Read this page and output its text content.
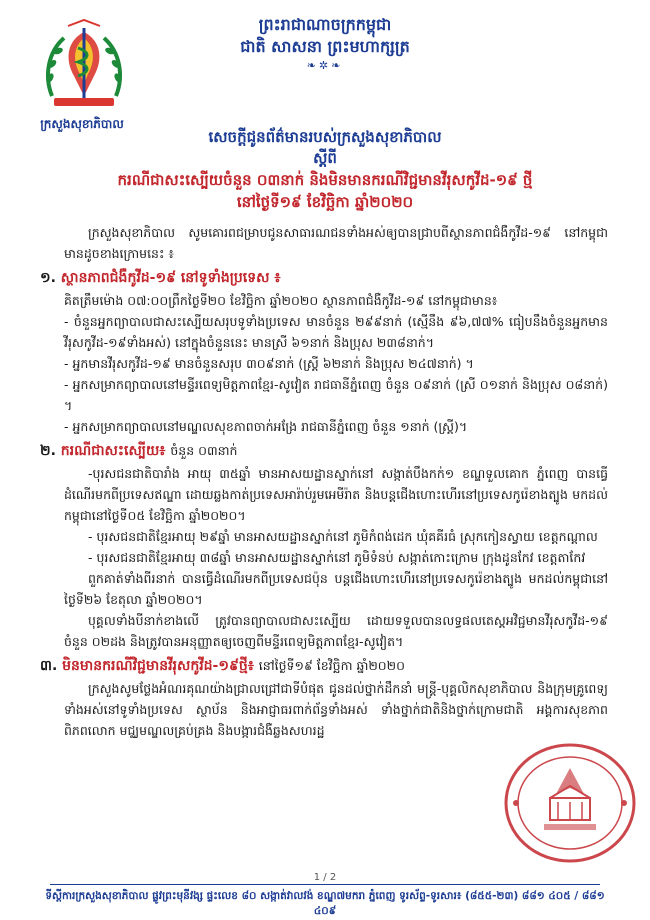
ក្រសួងសុខាភិបាល
ព្រះរាជាណាចក្រកម្ពុជា
ជាតិ សាសនា ព្រះមហាក្សត្រ
❧✲❧
សេចក្តីជូនព័ត៌មានរបស់ក្រសួងសុខាភិបាល
ស្តីពី
ករណីជាសះស្បើយចំនួន ០៣នាក់ និងមិនមានករណីវិជ្ជមានវីរុសកូវីដ-១៩ ថ្មី
នៅថ្ងៃទី១៩ ខែវិច្ឆិកា ឆ្នាំ២០២០

ក្រសួងសុខាភិបាល សូមគោរពជម្រាបជូនសាធារណជនទាំងអស់ឲ្យបានជ្រាបពីស្ថានភាពជំងឺកូវីដ-១៩ នៅកម្ពុជា មានដូចខាងក្រោមនេះ ៖

១. ស្ថានភាពជំងឺកូវីដ-១៩ នៅទូទាំងប្រទេស ៖

គិតត្រឹមម៉ោង ០៧:០០ព្រឹកថ្ងៃទី២០ ខែវិច្ឆិកា ឆ្នាំ២០២០ ស្ថានភាពជំងឺកូវីដ-១៩ នៅកម្ពុជាមាន៖

- ចំនួនអ្នកព្យាបាលជាសះស្បើយសរុបទូទាំងប្រទេស មានចំនួន ២៩៩នាក់ (ស្មើនឹង ៩៦,៧៧% ធៀបនឹងចំនួនអ្នកមានវីរុសកូវីដ-១៩ទាំងអស់) នៅក្នុងចំនួននេះ មានស្រី ៦១នាក់ និងប្រុស ២៣៨នាក់។

- អ្នកមានវីរុសកូវីដ-១៩ មានចំនួនសរុប ៣០៩នាក់ (ស្ត្រី ៦២នាក់ និងប្រុស ២៤៧នាក់) ។

- អ្នកសម្រាកព្យាបាលនៅមន្ទីរពេទ្យមិត្តភាពខ្មែរ-សូវៀត រាជធានីភ្នំពេញ ចំនួន ០៩នាក់ (ស្រី ០១នាក់ និងប្រុស ០៨នាក់) ។

- អ្នកសម្រាកព្យាបាលនៅមណ្ឌលសុខភាពចាក់អង្រែ រាជធានីភ្នំពេញ ចំនួន ១នាក់ (ស្ត្រី)។

២. ករណីជាសះស្បើយ៖ ចំនួន ០៣នាក់

-បុរសជនជាតិបារាំង អាយុ ៣៥ឆ្នាំ មានអាសយដ្ឋានស្នាក់នៅ សង្កាត់បឹងកក់១ ខណ្ឌទួលគោក ភ្នំពេញ បានធ្វើដំណើរមកពីប្រទេសឥណ្ឌា ដោយឆ្លងកាត់ប្រទេសអារ៉ាប់រួមអេមីរ៉ាត និងបន្តជើងហោះហើរនៅប្រទេសកូរ៉េខាងត្បូង មកដល់កម្ពុជានៅថ្ងៃទី០៥ ខែវិច្ឆិកា ឆ្នាំ២០២០។

- បុរសជនជាតិខ្មែរអាយុ ២៩ឆ្នាំ មានអាសយដ្ឋានស្នាក់នៅ ភូមិកំពង់ដេក ឃុំគគីរធំ ស្រុកកៀនស្វាយ ខេត្តកណ្តាល

- បុរសជនជាតិខ្មែរអាយុ ៣៨ឆ្នាំ មានអាសយដ្ឋានស្នាក់នៅ ភូមិទំនប់ សង្កាត់កោះក្រោម ក្រុងដូនកែវ ខេត្តតាកែវ

ពួកគាត់ទាំងពីរនាក់ បានធ្វើដំណើរមកពីប្រទេសជប៉ុន បន្តជើងហោះហើរនៅប្រទេសកូរ៉េខាងត្បូង មកដល់កម្ពុជានៅថ្ងៃទី២៦ ខែតុលា ឆ្នាំ២០២០។

បុគ្គលទាំងបីនាក់ខាងលើ ត្រូវបានព្យាបាលជាសះស្បើយ ដោយទទួលបានលទ្ធផលតេស្តអវិជ្ជមានវីរុសកូវីដ-១៩ ចំនួន ០២ដង និងត្រូវបានអនុញ្ញាតឲ្យចេញពីមន្ទីរពេទ្យមិត្តភាពខ្មែរ-សូវៀត។

៣. មិនមានករណីវិជ្ជមានវីរុសកូវីដ-១៩ថ្មី៖ នៅថ្ងៃទី១៩ ខែវិច្ឆិកា ឆ្នាំ២០២០

ក្រសួងសូមថ្លែងអំណរគុណយ៉ាងជ្រាលជ្រៅជាទីបំផុត ជូនដល់ថ្នាក់ដឹកនាំ មន្ត្រី-បុគ្គលិកសុខាភិបាល និងក្រុមគ្រូពេទ្យទាំងអស់នៅទូទាំងប្រទេស ស្ថាប័ន និងអាជ្ញាធរពាក់ព័ន្ធទាំងអស់ ទាំងថ្នាក់ជាតិនិងថ្នាក់ក្រោមជាតិ អង្គការសុខភាពពិភពលោក មជ្ឈមណ្ឌលគ្រប់គ្រង និងបង្ការជំងឺឆ្លងសហរដ្ឋ

1 / 2
ទីស្តីការក្រសួងសុខាភិបាល ផ្លូវព្រះមុនីវង្ស ផ្ទះលេខ ៨០ សង្កាត់វាលវង់ ខណ្ឌ៧មករា ភ្នំពេញ ទូរស័ព្ទ-ទូរសារ៖ (៨៥៥-២៣) ៨៨១ ៤០៥ / ៨៨១ ៤០៩
